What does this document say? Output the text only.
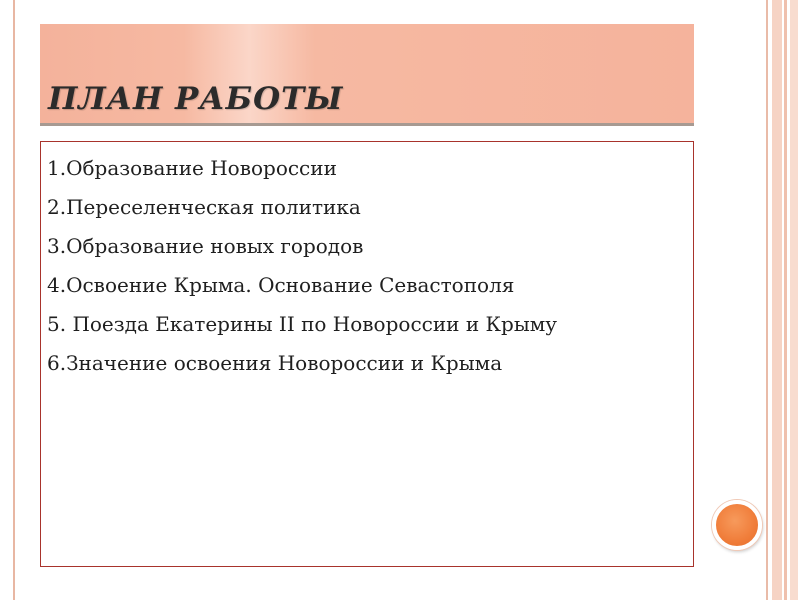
ПЛАН РАБОТЫ
1.Образование Новороссии
2.Переселенческая политика
3.Образование новых городов
4.Освоение Крыма. Основание Севастополя
5. Поезда Екатерины II по Новороссии и Крыму
6.Значение освоения Новороссии и Крыма
